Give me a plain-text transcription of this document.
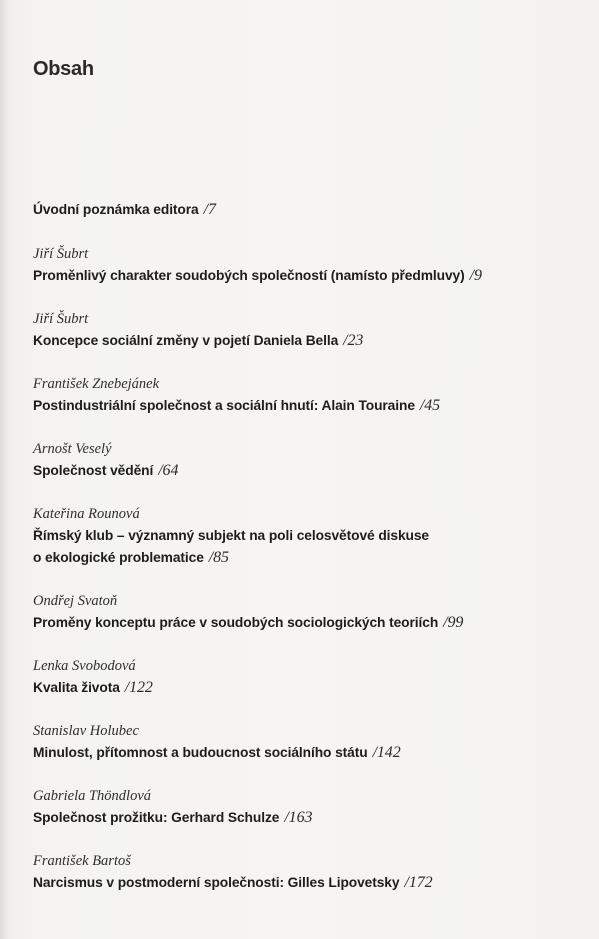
Obsah
Úvodní poznámka editora /7
Jiří Šubrt
Proměnlivý charakter soudobých společností (namísto předmluvy) /9
Jiří Šubrt
Koncepce sociální změny v pojetí Daniela Bella /23
František Znebejánek
Postindustriální společnost a sociální hnutí: Alain Touraine /45
Arnošt Veselý
Společnost vědění /64
Kateřina Rounová
Římský klub – významný subjekt na poli celosvětové diskuse
o ekologické problematice /85
Ondřej Svatoň
Proměny konceptu práce v soudobých sociologických teoriích /99
Lenka Svobodová
Kvalita života /122
Stanislav Holubec
Minulost, přítomnost a budoucnost sociálního státu /142
Gabriela Thöndlová
Společnost prožitku: Gerhard Schulze /163
František Bartoš
Narcismus v postmoderní společnosti: Gilles Lipovetsky /172
